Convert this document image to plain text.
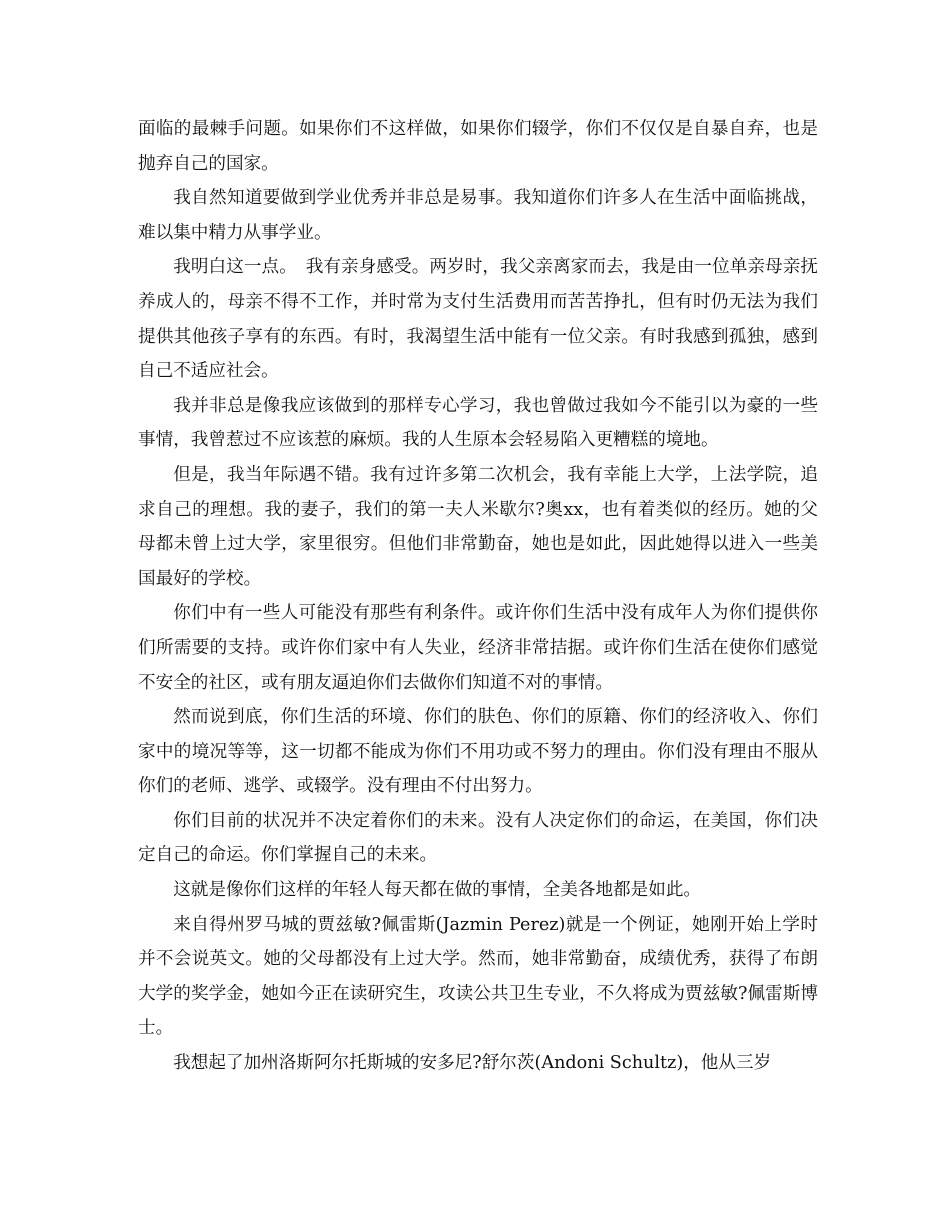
面临的最棘手问题。如果你们不这样做，如果你们辍学，你们不仅仅是自暴自弃，也是抛弃自己的国家。

我自然知道要做到学业优秀并非总是易事。我知道你们许多人在生活中面临挑战，难以集中精力从事学业。

我明白这一点。　我有亲身感受。两岁时，我父亲离家而去，我是由一位单亲母亲抚养成人的，母亲不得不工作，并时常为支付生活费用而苦苦挣扎，但有时仍无法为我们提供其他孩子享有的东西。有时，我渴望生活中能有一位父亲。有时我感到孤独，感到自己不适应社会。

我并非总是像我应该做到的那样专心学习，我也曾做过我如今不能引以为豪的一些事情，我曾惹过不应该惹的麻烦。我的人生原本会轻易陷入更糟糕的境地。

但是，我当年际遇不错。我有过许多第二次机会，我有幸能上大学，上法学院，追求自己的理想。我的妻子，我们的第一夫人米歇尔?奥xx，也有着类似的经历。她的父母都未曾上过大学，家里很穷。但他们非常勤奋，她也是如此，因此她得以进入一些美国最好的学校。

你们中有一些人可能没有那些有利条件。或许你们生活中没有成年人为你们提供你们所需要的支持。或许你们家中有人失业，经济非常拮据。或许你们生活在使你们感觉不安全的社区，或有朋友逼迫你们去做你们知道不对的事情。

然而说到底，你们生活的环境、你们的肤色、你们的原籍、你们的经济收入、你们家中的境况等等，这一切都不能成为你们不用功或不努力的理由。你们没有理由不服从你们的老师、逃学、或辍学。没有理由不付出努力。

你们目前的状况并不决定着你们的未来。没有人决定你们的命运，在美国，你们决定自己的命运。你们掌握自己的未来。

这就是像你们这样的年轻人每天都在做的事情，全美各地都是如此。

来自得州罗马城的贾兹敏?佩雷斯(Jazmin Perez)就是一个例证，她刚开始上学时并不会说英文。她的父母都没有上过大学。然而，她非常勤奋，成绩优秀，获得了布朗大学的奖学金，她如今正在读研究生，攻读公共卫生专业，不久将成为贾兹敏?佩雷斯博士。

我想起了加州洛斯阿尔托斯城的安多尼?舒尔茨(Andoni Schultz)，他从三岁
